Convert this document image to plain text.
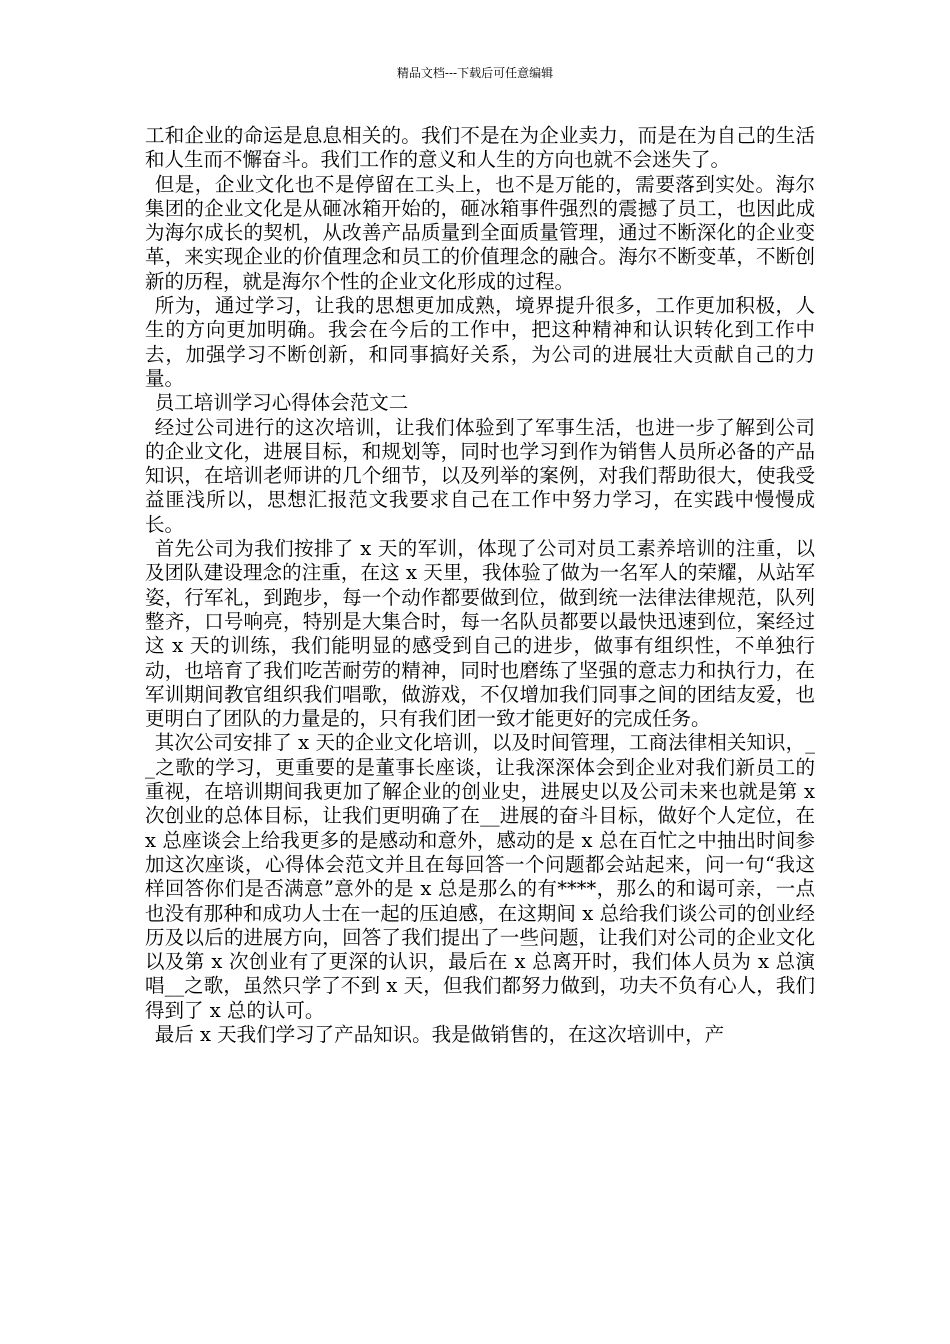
精品文档---下载后可任意编辑

工和企业的命运是息息相关的。我们不是在为企业卖力，而是在为自己的生活和人生而不懈奋斗。我们工作的意义和人生的方向也就不会迷失了。

但是，企业文化也不是停留在工头上，也不是万能的，需要落到实处。海尔集团的企业文化是从砸冰箱开始的，砸冰箱事件强烈的震撼了员工，也因此成为海尔成长的契机，从改善产品质量到全面质量管理，通过不断深化的企业变革，来实现企业的价值理念和员工的价值理念的融合。海尔不断变革，不断创新的历程，就是海尔个性的企业文化形成的过程。

所为，通过学习，让我的思想更加成熟，境界提升很多，工作更加积极，人生的方向更加明确。我会在今后的工作中，把这种精神和认识转化到工作中去，加强学习不断创新，和同事搞好关系，为公司的进展壮大贡献自己的力量。

员工培训学习心得体会范文二

经过公司进行的这次培训，让我们体验到了军事生活，也进一步了解到公司的企业文化，进展目标，和规划等，同时也学习到作为销售人员所必备的产品知识，在培训老师讲的几个细节，以及列举的案例，对我们帮助很大，使我受益匪浅所以，思想汇报范文我要求自己在工作中努力学习，在实践中慢慢成长。

首先公司为我们按排了 x 天的军训，体现了公司对员工素养培训的注重，以及团队建设理念的注重，在这 x 天里，我体验了做为一名军人的荣耀，从站军姿，行军礼，到跑步，每一个动作都要做到位，做到统一法律法律规范，队列整齐，口号响亮，特别是大集合时，每一名队员都要以最快迅速到位，案经过这 x 天的训练，我们能明显的感受到自己的进步，做事有组织性，不单独行动，也培育了我们吃苦耐劳的精神，同时也磨练了坚强的意志力和执行力，在军训期间教官组织我们唱歌，做游戏，不仅增加我们同事之间的团结友爱，也更明白了团队的力量是的，只有我们团一致才能更好的完成任务。

其次公司安排了 x 天的企业文化培训，以及时间管理，工商法律相关知识，__之歌的学习，更重要的是董事长座谈，让我深深体会到企业对我们新员工的重视，在培训期间我更加了解企业的创业史，进展史以及公司未来也就是第 x 次创业的总体目标，让我们更明确了在__进展的奋斗目标，做好个人定位，在 x 总座谈会上给我更多的是感动和意外，感动的是 x 总在百忙之中抽出时间参加这次座谈，心得体会范文并且在每回答一个问题都会站起来，问一句“我这样回答你们是否满意”意外的是 x 总是那么的有****，那么的和谒可亲，一点也没有那种和成功人士在一起的压迫感，在这期间 x 总给我们谈公司的创业经历及以后的进展方向，回答了我们提出了一些问题，让我们对公司的企业文化以及第 x 次创业有了更深的认识，最后在 x 总离开时，我们体人员为 x 总演唱__之歌，虽然只学了不到 x 天，但我们都努力做到，功夫不负有心人，我们得到了 x 总的认可。

最后 x 天我们学习了产品知识。我是做销售的，在这次培训中，产
